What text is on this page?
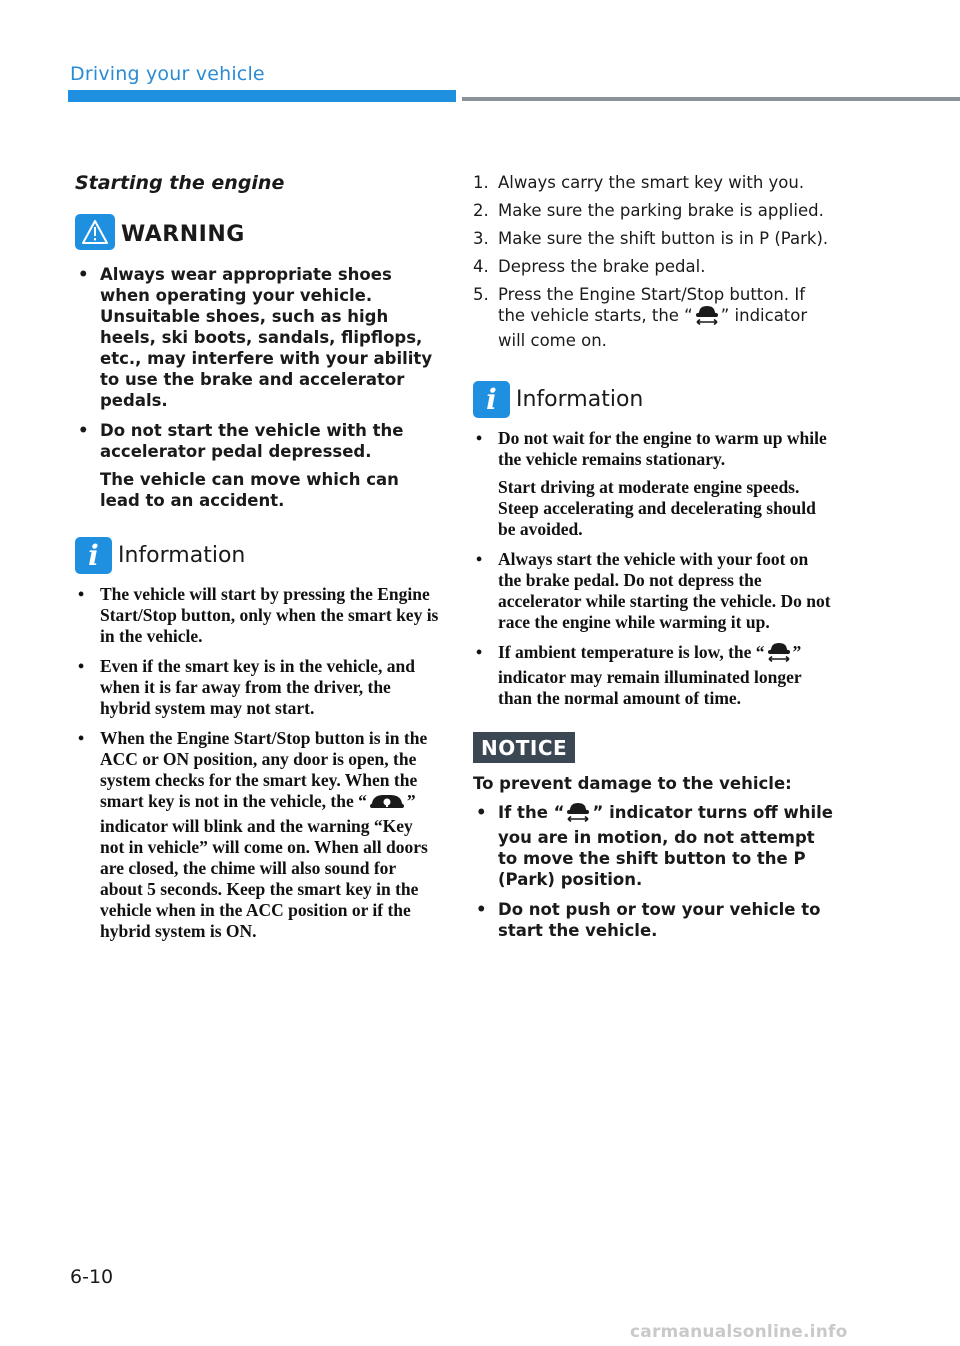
Driving your vehicle
Starting the engine
WARNING
• Always wear appropriate shoes when operating your vehicle. Unsuitable shoes, such as high heels, ski boots, sandals, flipflops, etc., may interfere with your ability to use the brake and accelerator pedals.
• Do not start the vehicle with the accelerator pedal depressed.
The vehicle can move which can lead to an accident.
i Information
• The vehicle will start by pressing the Engine Start/Stop button, only when the smart key is in the vehicle.
• Even if the smart key is in the vehicle, and when it is far away from the driver, the hybrid system may not start.
• When the Engine Start/Stop button is in the ACC or ON position, any door is open, the system checks for the smart key. When the smart key is not in the vehicle, the “ ” indicator will blink and the warning “Key not in vehicle” will come on. When all doors are closed, the chime will also sound for about 5 seconds. Keep the smart key in the vehicle when in the ACC position or if the hybrid system is ON.
1. Always carry the smart key with you.
2. Make sure the parking brake is applied.
3. Make sure the shift button is in P (Park).
4. Depress the brake pedal.
5. Press the Engine Start/Stop button. If the vehicle starts, the “ ” indicator will come on.
i Information
• Do not wait for the engine to warm up while the vehicle remains stationary.
Start driving at moderate engine speeds. Steep accelerating and decelerating should be avoided.
• Always start the vehicle with your foot on the brake pedal. Do not depress the accelerator while starting the vehicle. Do not race the engine while warming it up.
• If ambient temperature is low, the “ ” indicator may remain illuminated longer than the normal amount of time.
NOTICE
To prevent damage to the vehicle:
• If the “ ” indicator turns off while you are in motion, do not attempt to move the shift button to the P (Park) position.
• Do not push or tow your vehicle to start the vehicle.
6-10
carmanualsonline.info
